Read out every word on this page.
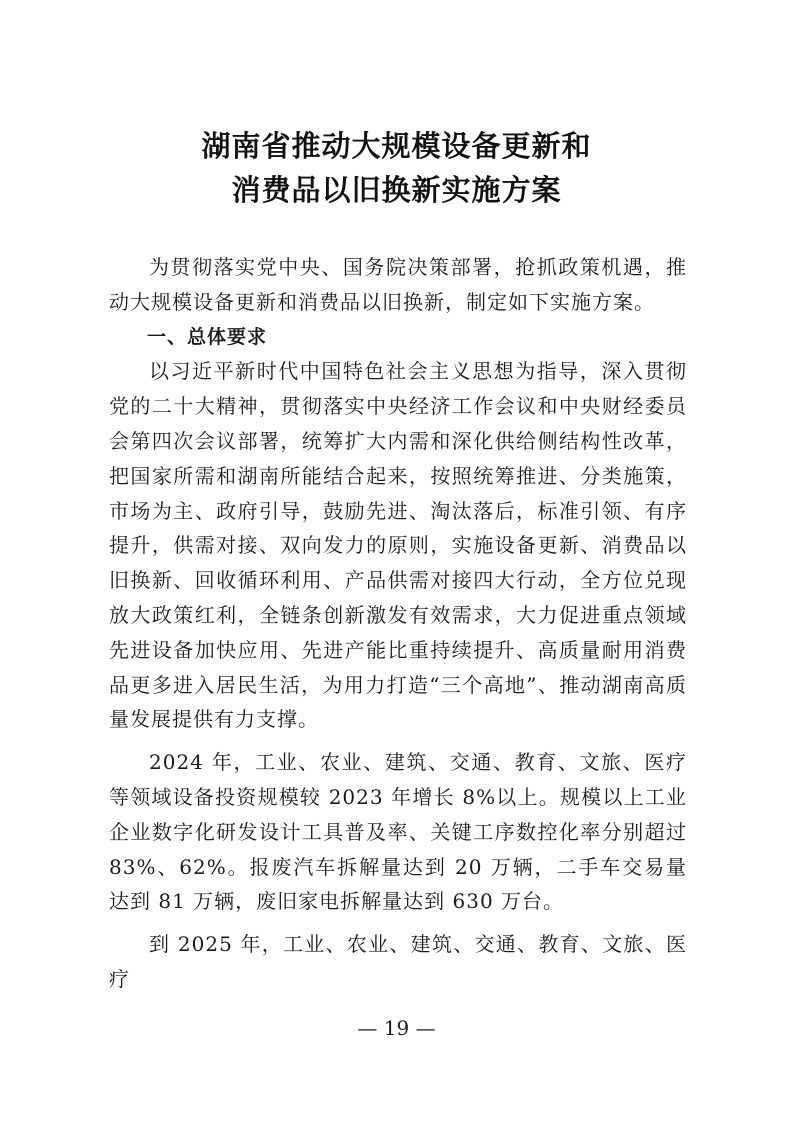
湖南省推动大规模设备更新和
消费品以旧换新实施方案

为贯彻落实党中央、国务院决策部署，抢抓政策机遇，推动大规模设备更新和消费品以旧换新，制定如下实施方案。

一、总体要求

以习近平新时代中国特色社会主义思想为指导，深入贯彻党的二十大精神，贯彻落实中央经济工作会议和中央财经委员会第四次会议部署，统筹扩大内需和深化供给侧结构性改革，把国家所需和湖南所能结合起来，按照统筹推进、分类施策，市场为主、政府引导，鼓励先进、淘汰落后，标准引领、有序提升，供需对接、双向发力的原则，实施设备更新、消费品以旧换新、回收循环利用、产品供需对接四大行动，全方位兑现放大政策红利，全链条创新激发有效需求，大力促进重点领域先进设备加快应用、先进产能比重持续提升、高质量耐用消费品更多进入居民生活，为用力打造“三个高地”、推动湖南高质量发展提供有力支撑。

2024 年，工业、农业、建筑、交通、教育、文旅、医疗等领域设备投资规模较 2023 年增长 8%以上。规模以上工业企业数字化研发设计工具普及率、关键工序数控化率分别超过 83%、62%。报废汽车拆解量达到 20 万辆，二手车交易量达到 81 万辆，废旧家电拆解量达到 630 万台。

到 2025 年，工业、农业、建筑、交通、教育、文旅、医疗

— 19 —
